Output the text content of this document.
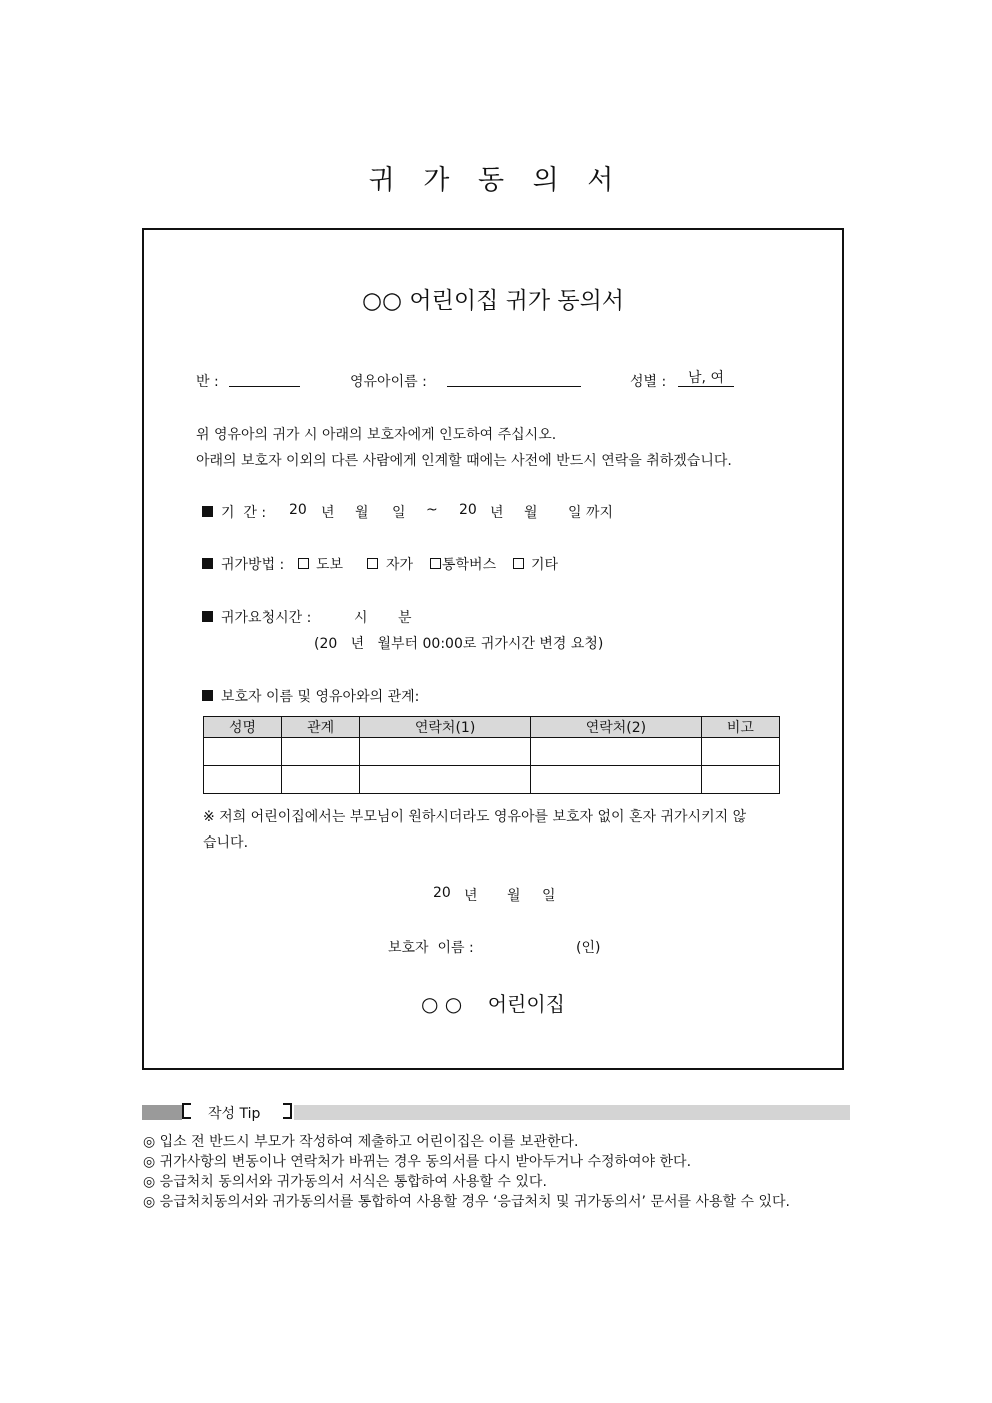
귀 가 동 의 서
○○ 어린이집 귀가 동의서
반 :	영유아이름 :	성별 :	남, 여
위 영유아의 귀가 시 아래의 보호자에게 인도하여 주십시오.
아래의 보호자 이외의 다른 사람에게 인계할 때에는 사전에 반드시 연락을 취하겠습니다.
기  간 : 20 년 월 일 ~ 20 년 월 일 까지
귀가방법 : 도보	자가 통학버스 기타
귀가요청시간 :	시 분
(20   년   월부터 00:00로 귀가시간 변경 요청)
보호자 이름 및 영유아와의 관계:
성명	관계	연락처(1)	연락처(2)	비고

※ 저희 어린이집에서는 부모님이 원하시더라도 영유아를 보호자 없이 혼자 귀가시키지 않
습니다.
20 년 월 일
보호자  이름 :	(인)
○ ○    어린이집
작성 Tip
◎ 입소 전 반드시 부모가 작성하여 제출하고 어린이집은 이를 보관한다.
◎ 귀가사항의 변동이나 연락처가 바뀌는 경우 동의서를 다시 받아두거나 수정하여야 한다.
◎ 응급처치 동의서와 귀가동의서 서식은 통합하여 사용할 수 있다.
◎ 응급처치동의서와 귀가동의서를 통합하여 사용할 경우 ‘응급처치 및 귀가동의서’ 문서를 사용할 수 있다.
